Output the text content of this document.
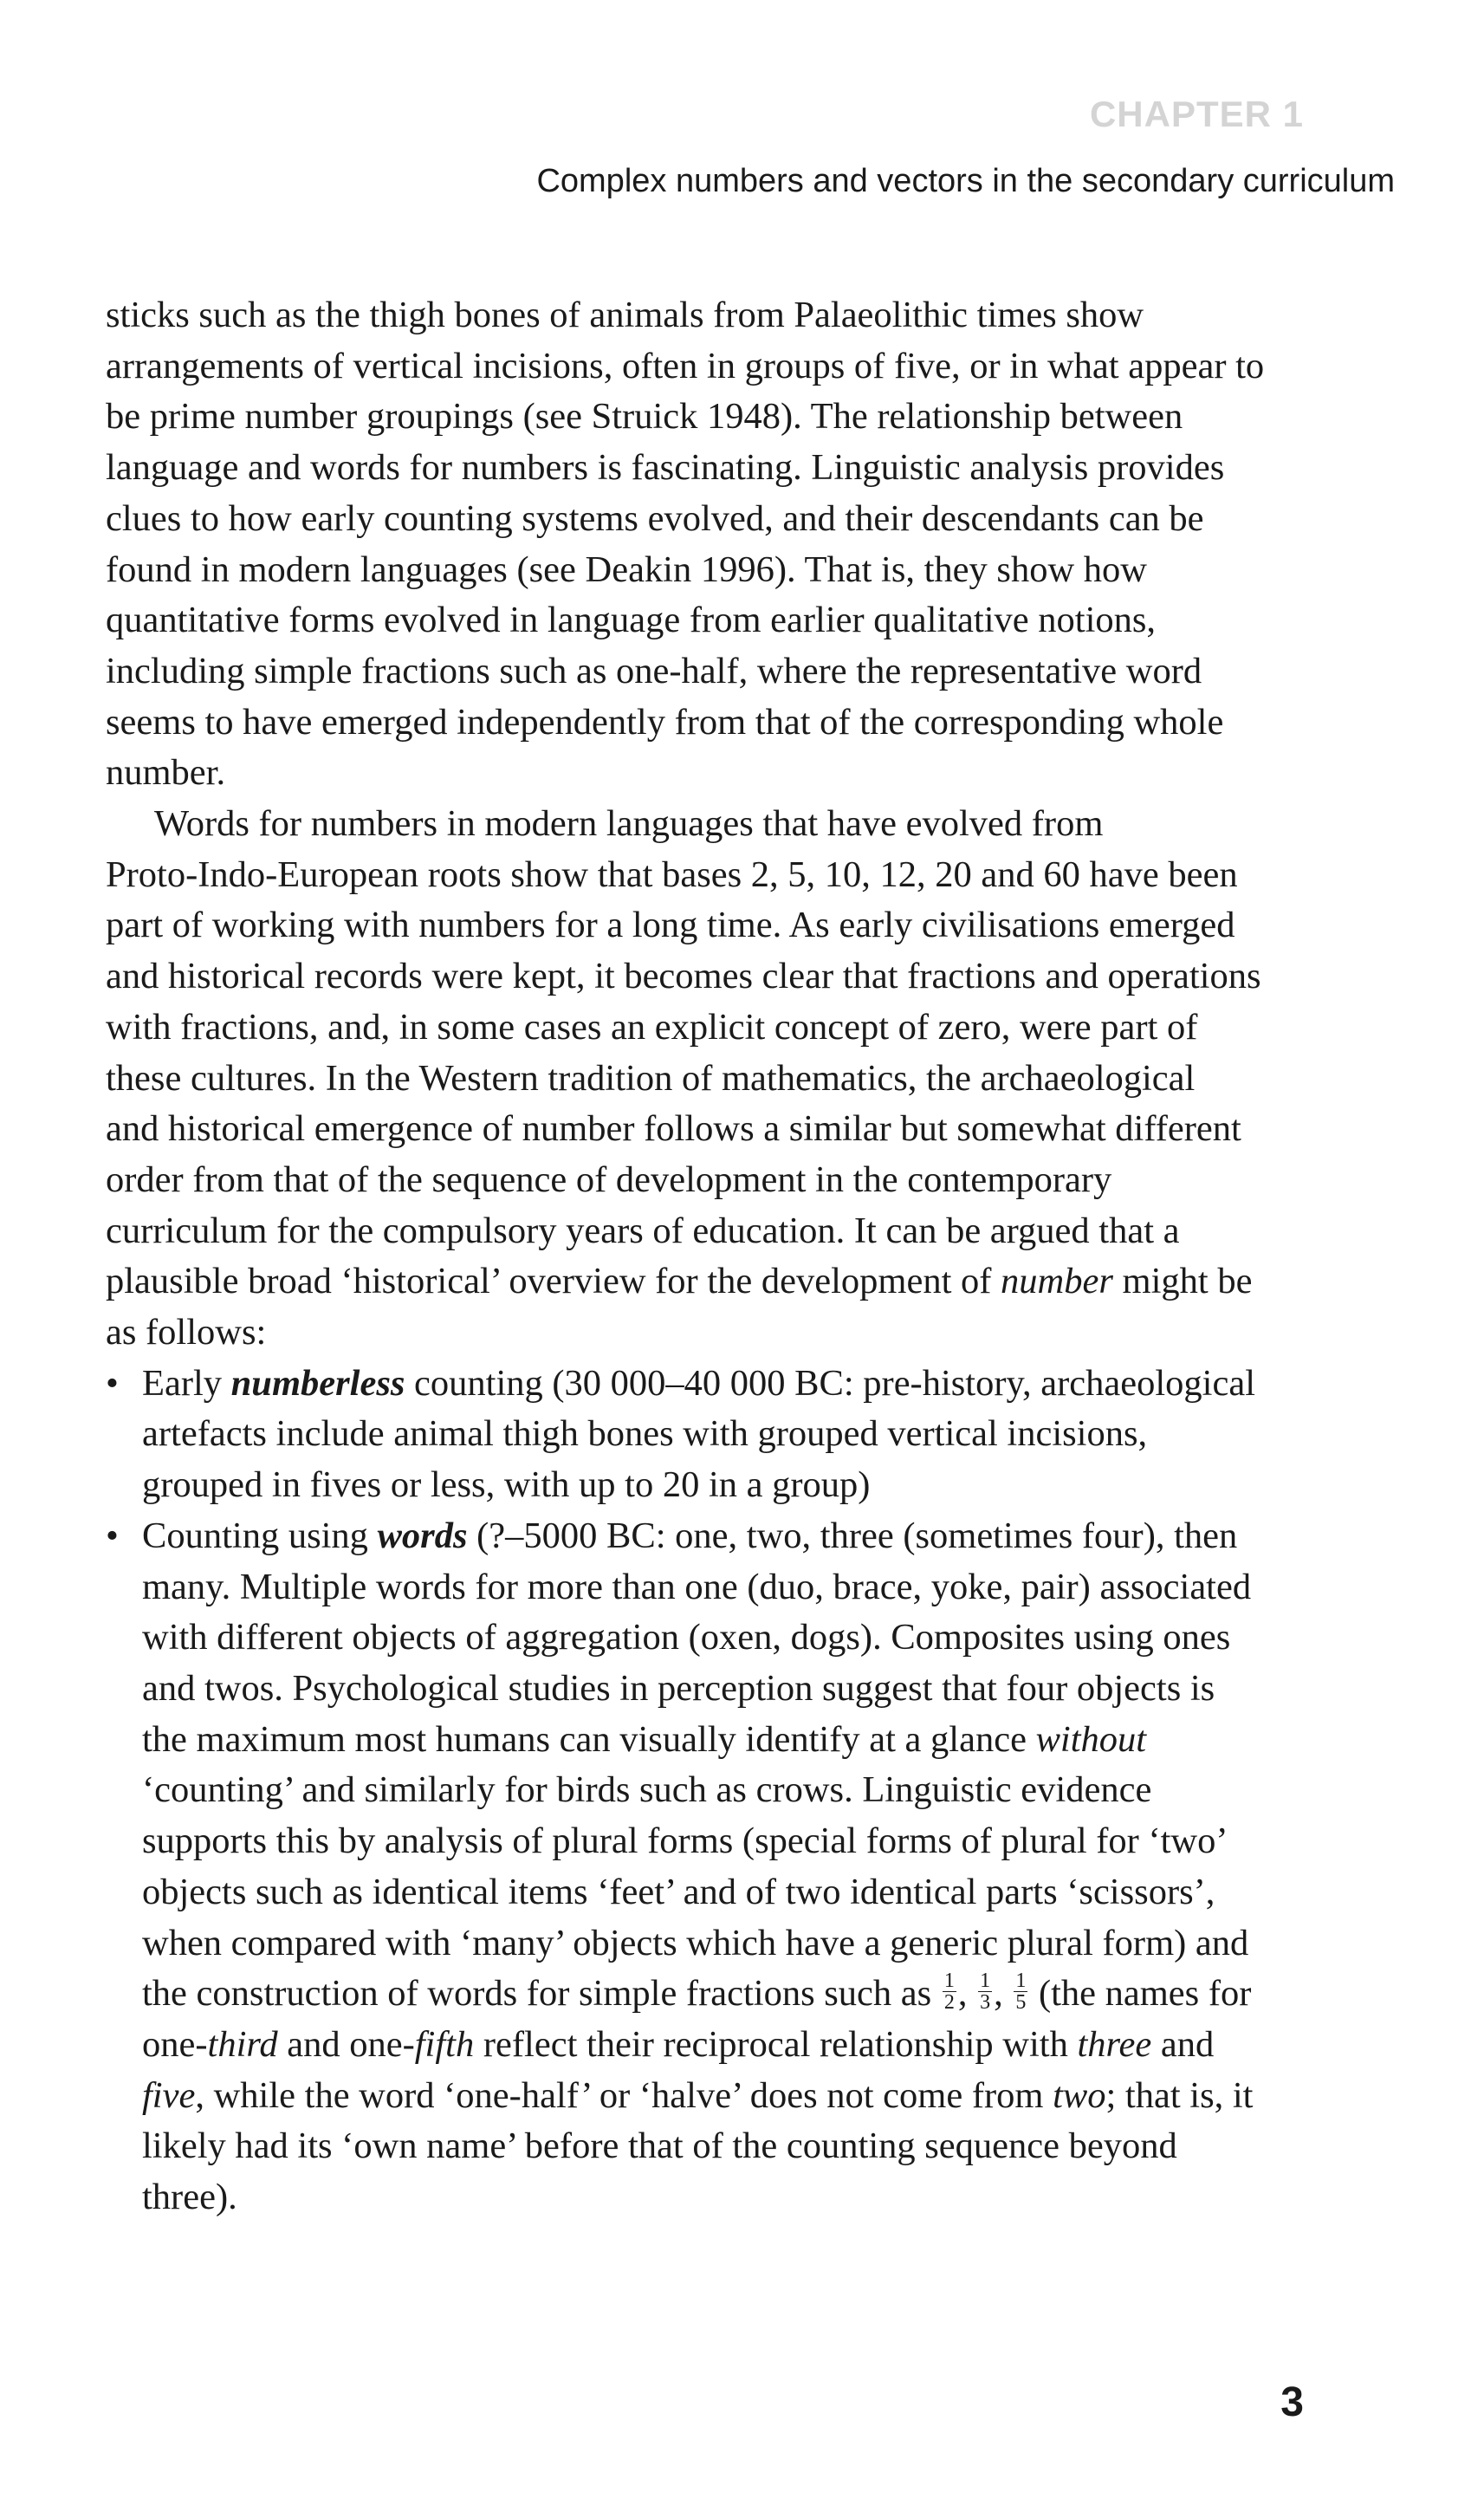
CHAPTER 1
Complex numbers and vectors in the secondary curriculum

sticks such as the thigh bones of animals from Palaeolithic times show
arrangements of vertical incisions, often in groups of five, or in what appear to
be prime number groupings (see Struick 1948). The relationship between
language and words for numbers is fascinating. Linguistic analysis provides
clues to how early counting systems evolved, and their descendants can be
found in modern languages (see Deakin 1996). That is, they show how
quantitative forms evolved in language from earlier qualitative notions,
including simple fractions such as one-half, where the representative word
seems to have emerged independently from that of the corresponding whole
number.

Words for numbers in modern languages that have evolved from
Proto-Indo-European roots show that bases 2, 5, 10, 12, 20 and 60 have been
part of working with numbers for a long time. As early civilisations emerged
and historical records were kept, it becomes clear that fractions and operations
with fractions, and, in some cases an explicit concept of zero, were part of
these cultures. In the Western tradition of mathematics, the archaeological
and historical emergence of number follows a similar but somewhat different
order from that of the sequence of development in the contemporary
curriculum for the compulsory years of education. It can be argued that a
plausible broad ‘historical’ overview for the development of number might be
as follows:

• Early numberless counting (30 000–40 000 BC: pre-history, archaeological
artefacts include animal thigh bones with grouped vertical incisions,
grouped in fives or less, with up to 20 in a group)
• Counting using words (?–5000 BC: one, two, three (sometimes four), then
many. Multiple words for more than one (duo, brace, yoke, pair) associated
with different objects of aggregation (oxen, dogs). Composites using ones
and twos. Psychological studies in perception suggest that four objects is
the maximum most humans can visually identify at a glance without
‘counting’ and similarly for birds such as crows. Linguistic evidence
supports this by analysis of plural forms (special forms of plural for ‘two’
objects such as identical items ‘feet’ and of two identical parts ‘scissors’,
when compared with ‘many’ objects which have a generic plural form) and
the construction of words for simple fractions such as $\frac{1}{2}$ , $\frac{1}{3}$ , $\frac{1}{5} (the$ names for
one-third and one-fifth reflect their reciprocal relationship with three and
five, while the word ‘one-half’ or ‘halve’ does not come from two; that is, it
likely had its ‘own name’ before that of the counting sequence beyond
three).
3
